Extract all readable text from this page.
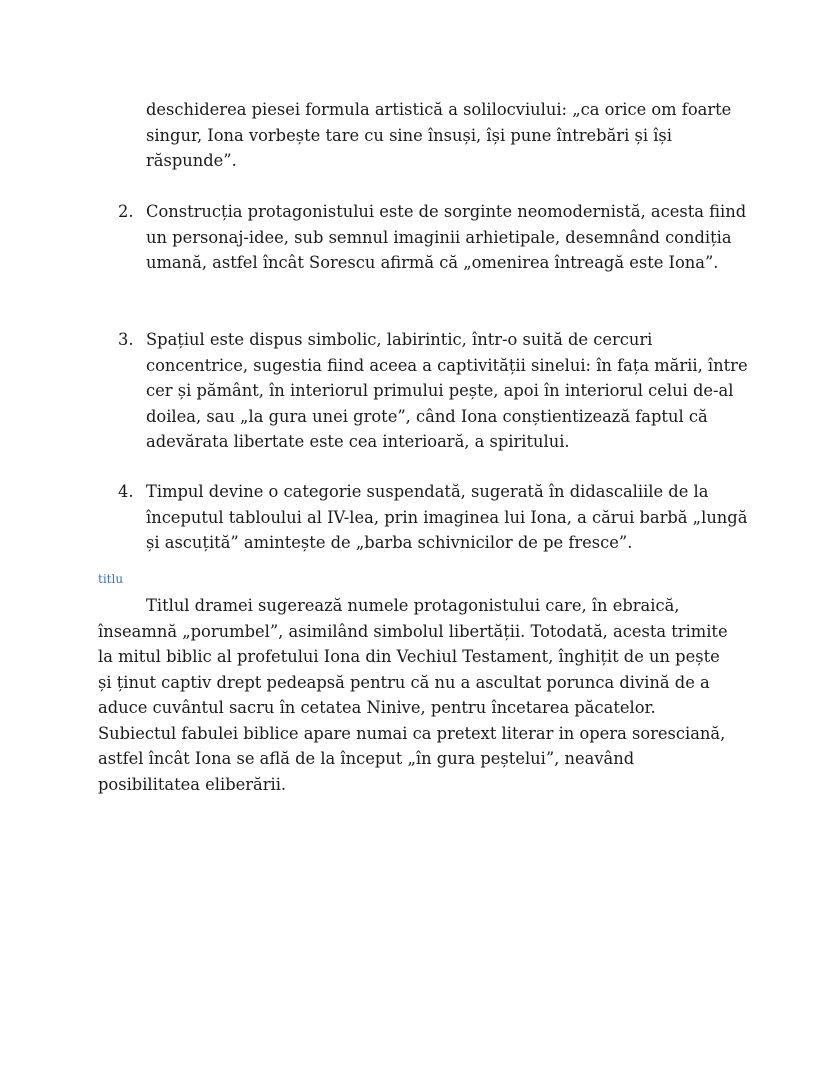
deschiderea piesei formula artistică a solilocviului: „ca orice om foarte singur, Iona vorbește tare cu sine însuși, își pune întrebări și își răspunde”.

2. Construcția protagonistului este de sorginte neomodernistă, acesta fiind un personaj-idee, sub semnul imaginii arhietipale, desemnând condiția umană, astfel încât Sorescu afirmă că „omenirea întreagă este Iona”.
3. Spațiul este dispus simbolic, labirintic, într-o suită de cercuri concentrice, sugestia fiind aceea a captivității sinelui: în fața mării, între cer și pământ, în interiorul primului pește, apoi în interiorul celui de-al doilea, sau „la gura unei grote”, când Iona conștientizează faptul că adevărata libertate este cea interioară, a spiritului.
4. Timpul devine o categorie suspendată, sugerată în didascaliile de la începutul tabloului al IV-lea, prin imaginea lui Iona, a cărui barbă „lungă și ascuțită” amintește de „barba schivnicilor de pe fresce”.

titlu

Titlul dramei sugerează numele protagonistului care, în ebraică, înseamnă „porumbel”, asimilând simbolul libertății. Totodată, acesta trimite la mitul biblic al profetului Iona din Vechiul Testament, înghițit de un pește și ținut captiv drept pedeapsă pentru că nu a ascultat porunca divină de a aduce cuvântul sacru în cetatea Ninive, pentru încetarea păcatelor. Subiectul fabulei biblice apare numai ca pretext literar in opera sorescianӑ, astfel încât Iona se află de la început „în gura peștelui”, neavând posibilitatea eliberării.
